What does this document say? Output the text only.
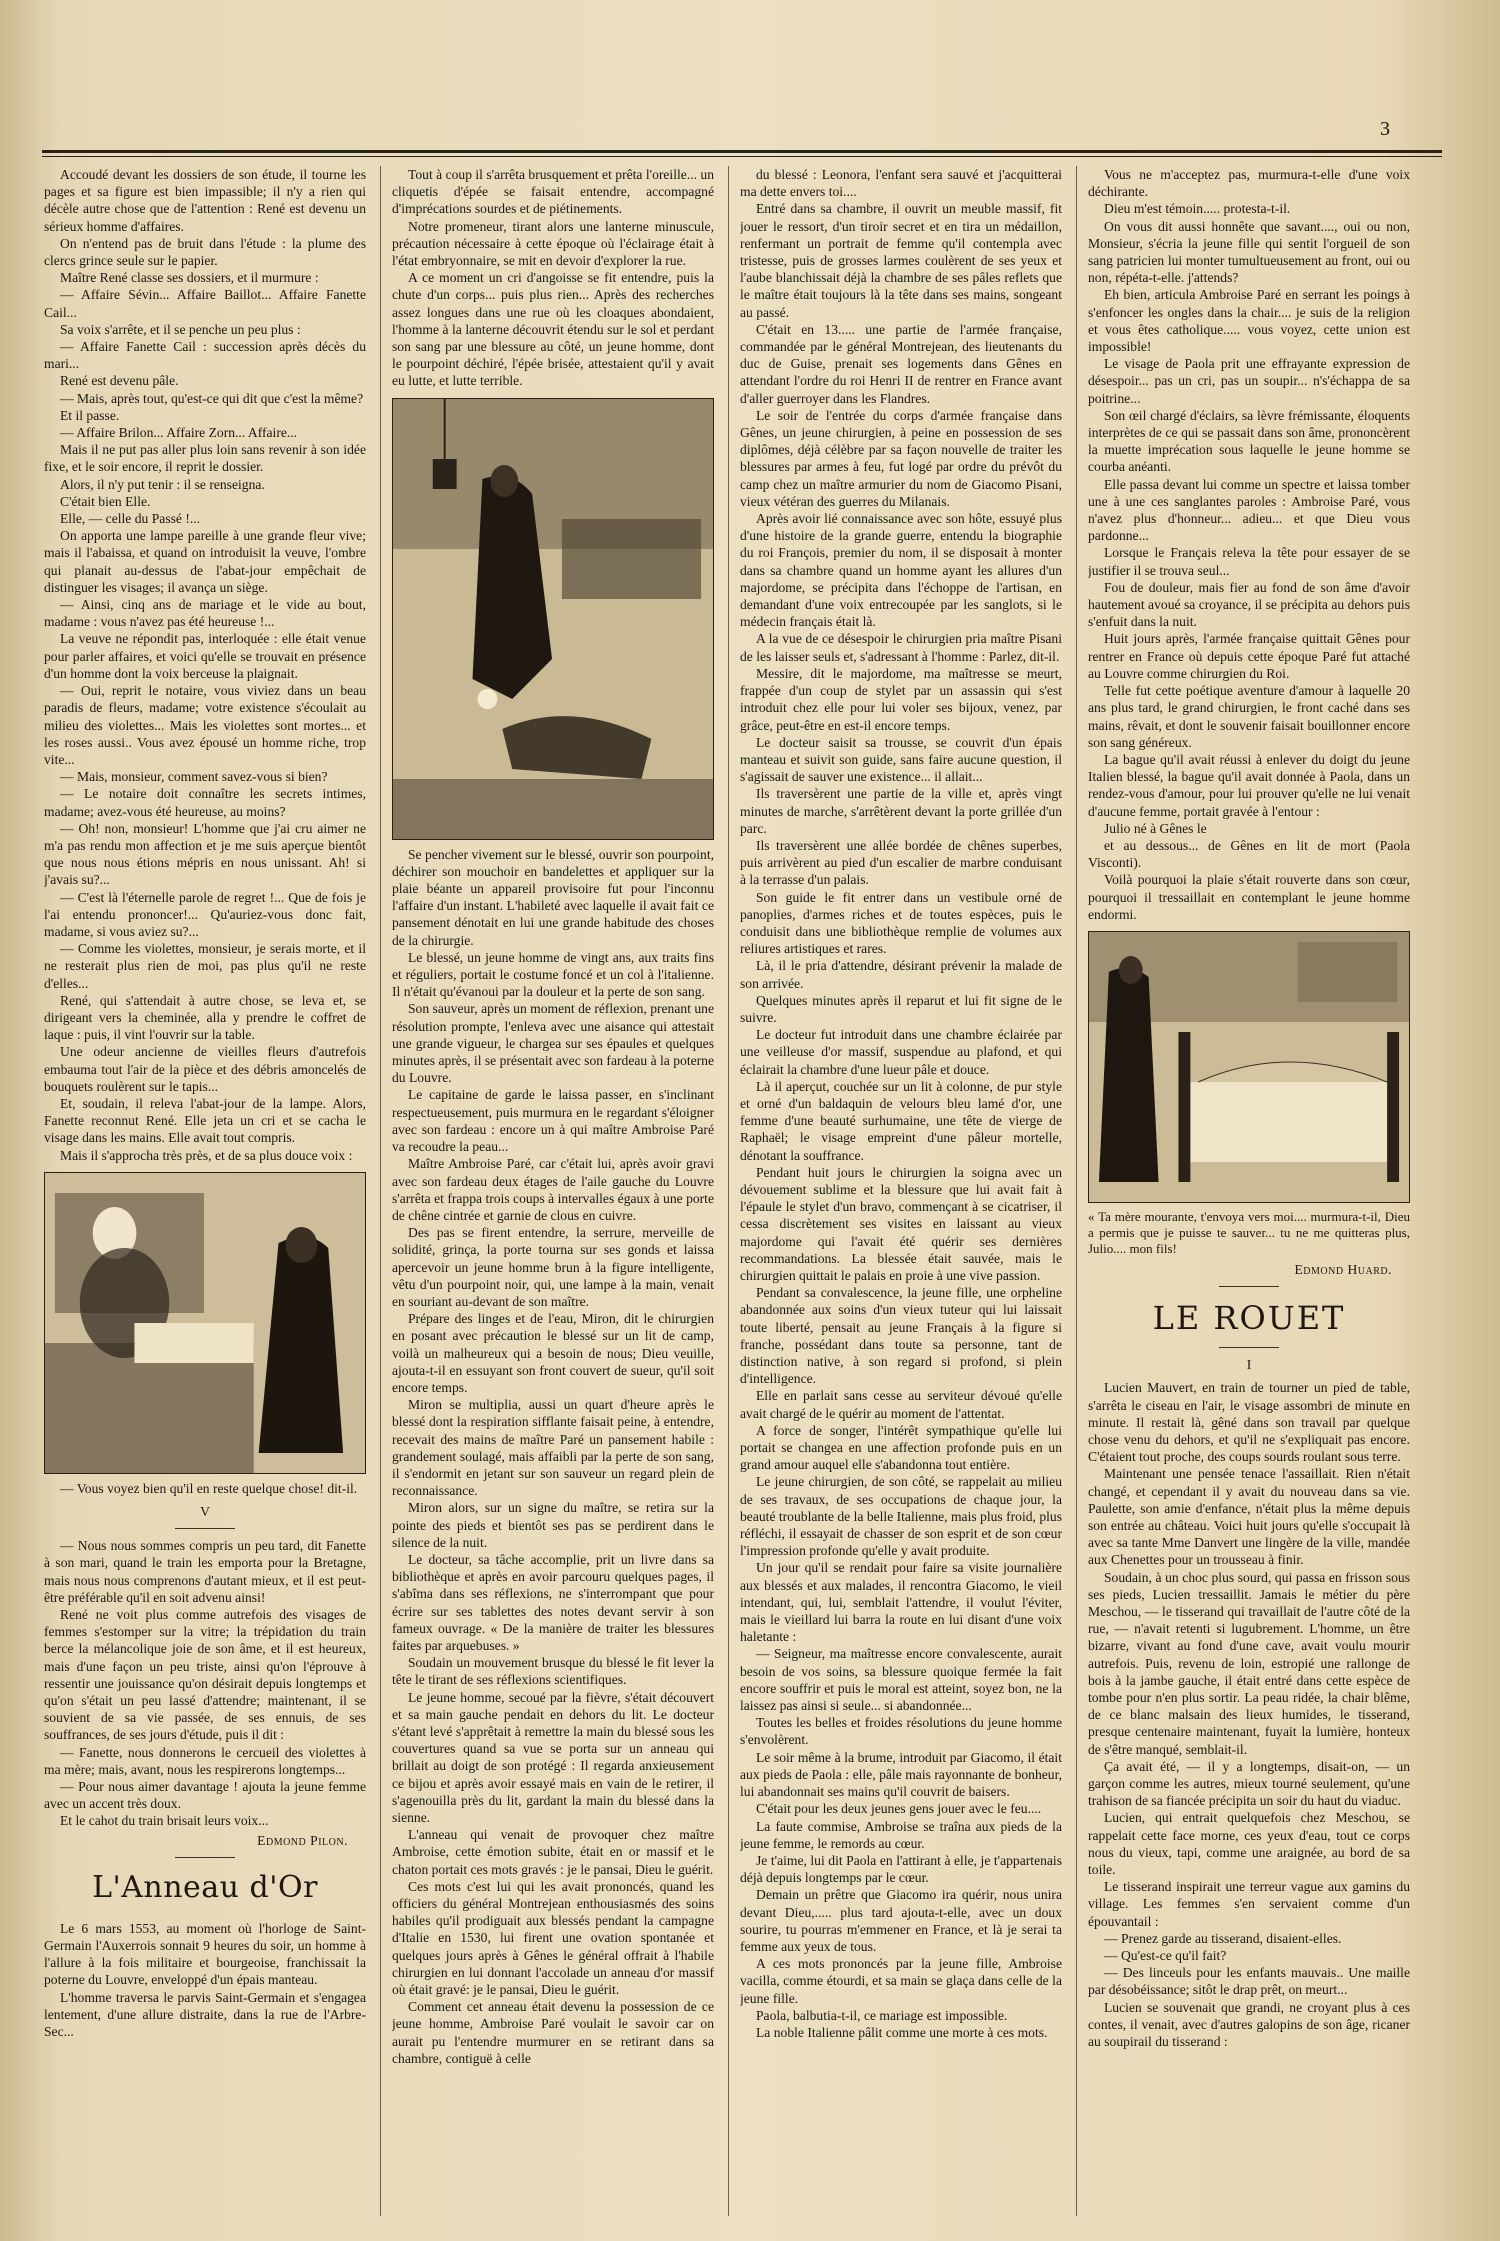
3

Accoudé devant les dossiers de son étude, il tourne les pages et sa figure est bien impassible; il n'y a rien qui décèle autre chose que de l'attention : René est devenu un sérieux homme d'affaires.

On n'entend pas de bruit dans l'étude : la plume des clercs grince seule sur le papier.

Maître René classe ses dossiers, et il murmure :

— Affaire Sévin... Affaire Baillot... Affaire Fanette Cail...

Sa voix s'arrête, et il se penche un peu plus :

— Affaire Fanette Cail : succession après décès du mari...

René est devenu pâle.

— Mais, après tout, qu'est-ce qui dit que c'est la même?

Et il passe.

— Affaire Brilon... Affaire Zorn... Affaire...

Mais il ne put pas aller plus loin sans revenir à son idée fixe, et le soir encore, il reprit le dossier.

Alors, il n'y put tenir : il se renseigna.

C'était bien Elle.

Elle, — celle du Passé !...

On apporta une lampe pareille à une grande fleur vive; mais il l'abaissa, et quand on introduisit la veuve, l'ombre qui planait au-dessus de l'abat-jour empêchait de distinguer les visages; il avança un siège.

— Ainsi, cinq ans de mariage et le vide au bout, madame : vous n'avez pas été heureuse !...

La veuve ne répondit pas, interloquée : elle était venue pour parler affaires, et voici qu'elle se trouvait en présence d'un homme dont la voix berceuse la plaignait.

— Oui, reprit le notaire, vous viviez dans un beau paradis de fleurs, madame; votre existence s'écoulait au milieu des violettes... Mais les violettes sont mortes... et les roses aussi.. Vous avez épousé un homme riche, trop vite...

— Mais, monsieur, comment savez-vous si bien?

— Le notaire doit connaître les secrets intimes, madame; avez-vous été heureuse, au moins?

— Oh! non, monsieur! L'homme que j'ai cru aimer ne m'a pas rendu mon affection et je me suis aperçue bientôt que nous nous étions mépris en nous unissant. Ah! si j'avais su?...

— C'est là l'éternelle parole de regret !... Que de fois je l'ai entendu prononcer!... Qu'auriez-vous donc fait, madame, si vous aviez su?...

— Comme les violettes, monsieur, je serais morte, et il ne resterait plus rien de moi, pas plus qu'il ne reste d'elles...

René, qui s'attendait à autre chose, se leva et, se dirigeant vers la cheminée, alla y prendre le coffret de laque : puis, il vint l'ouvrir sur la table.

Une odeur ancienne de vieilles fleurs d'autrefois embauma tout l'air de la pièce et des débris amoncelés de bouquets roulèrent sur le tapis...

Et, soudain, il releva l'abat-jour de la lampe. Alors, Fanette reconnut René. Elle jeta un cri et se cacha le visage dans les mains. Elle avait tout compris.

Mais il s'approcha très près, et de sa plus douce voix :

— Vous voyez bien qu'il en reste quelque chose! dit-il.

V

— Nous nous sommes compris un peu tard, dit Fanette à son mari, quand le train les emporta pour la Bretagne, mais nous nous comprenons d'autant mieux, et il est peut-être préférable qu'il en soit advenu ainsi!

René ne voit plus comme autrefois des visages de femmes s'estomper sur la vitre; la trépidation du train berce la mélancolique joie de son âme, et il est heureux, mais d'une façon un peu triste, ainsi qu'on l'éprouve à ressentir une jouissance qu'on désirait depuis longtemps et qu'on s'était un peu lassé d'attendre; maintenant, il se souvient de sa vie passée, de ses ennuis, de ses souffrances, de ses jours d'étude, puis il dit :

— Fanette, nous donnerons le cercueil des violettes à ma mère; mais, avant, nous les respirerons longtemps...

— Pour nous aimer davantage ! ajouta la jeune femme avec un accent très doux.

Et le cahot du train brisait leurs voix...

Edmond Pilon.
L'Anneau d'Or

Le 6 mars 1553, au moment où l'horloge de Saint-Germain l'Auxerrois sonnait 9 heures du soir, un homme à l'allure à la fois militaire et bourgeoise, franchissait la poterne du Louvre, enveloppé d'un épais manteau.

L'homme traversa le parvis Saint-Germain et s'engagea lentement, d'une allure distraite, dans la rue de l'Arbre-Sec...

Tout à coup il s'arrêta brusquement et prêta l'oreille... un cliquetis d'épée se faisait entendre, accompagné d'imprécations sourdes et de piétinements.

Notre promeneur, tirant alors une lanterne minuscule, précaution nécessaire à cette époque où l'éclairage était à l'état embryonnaire, se mit en devoir d'explorer la rue.

A ce moment un cri d'angoisse se fit entendre, puis la chute d'un corps... puis plus rien... Après des recherches assez longues dans une rue où les cloaques abondaient, l'homme à la lanterne découvrit étendu sur le sol et perdant son sang par une blessure au côté, un jeune homme, dont le pourpoint déchiré, l'épée brisée, attestaient qu'il y avait eu lutte, et lutte terrible.

Se pencher vivement sur le blessé, ouvrir son pourpoint, déchirer son mouchoir en bandelettes et appliquer sur la plaie béante un appareil provisoire fut pour l'inconnu l'affaire d'un instant. L'habileté avec laquelle il avait fait ce pansement dénotait en lui une grande habitude des choses de la chirurgie.

Le blessé, un jeune homme de vingt ans, aux traits fins et réguliers, portait le costume foncé et un col à l'italienne. Il n'était qu'évanoui par la douleur et la perte de son sang.

Son sauveur, après un moment de réflexion, prenant une résolution prompte, l'enleva avec une aisance qui attestait une grande vigueur, le chargea sur ses épaules et quelques minutes après, il se présentait avec son fardeau à la poterne du Louvre.

Le capitaine de garde le laissa passer, en s'inclinant respectueusement, puis murmura en le regardant s'éloigner avec son fardeau : encore un à qui maître Ambroise Paré va recoudre la peau...

Maître Ambroise Paré, car c'était lui, après avoir gravi avec son fardeau deux étages de l'aile gauche du Louvre s'arrêta et frappa trois coups à intervalles égaux à une porte de chêne cintrée et garnie de clous en cuivre.

Des pas se firent entendre, la serrure, merveille de solidité, grinça, la porte tourna sur ses gonds et laissa apercevoir un jeune homme brun à la figure intelligente, vêtu d'un pourpoint noir, qui, une lampe à la main, venait en souriant au-devant de son maître.

Prépare des linges et de l'eau, Miron, dit le chirurgien en posant avec précaution le blessé sur un lit de camp, voilà un malheureux qui a besoin de nous; Dieu veuille, ajouta-t-il en essuyant son front couvert de sueur, qu'il soit encore temps.

Miron se multiplia, aussi un quart d'heure après le blessé dont la respiration sifflante faisait peine, à entendre, recevait des mains de maître Paré un pansement habile : grandement soulagé, mais affaibli par la perte de son sang, il s'endormit en jetant sur son sauveur un regard plein de reconnaissance.

Miron alors, sur un signe du maître, se retira sur la pointe des pieds et bientôt ses pas se perdirent dans le silence de la nuit.

Le docteur, sa tâche accomplie, prit un livre dans sa bibliothèque et après en avoir parcouru quelques pages, il s'abîma dans ses réflexions, ne s'interrompant que pour écrire sur ses tablettes des notes devant servir à son fameux ouvrage. « De la manière de traiter les blessures faites par arquebuses. »

Soudain un mouvement brusque du blessé le fit lever la tête le tirant de ses réflexions scientifiques.

Le jeune homme, secoué par la fièvre, s'était découvert et sa main gauche pendait en dehors du lit. Le docteur s'étant levé s'apprêtait à remettre la main du blessé sous les couvertures quand sa vue se porta sur un anneau qui brillait au doigt de son protégé : Il regarda anxieusement ce bijou et après avoir essayé mais en vain de le retirer, il s'agenouilla près du lit, gardant la main du blessé dans la sienne.

L'anneau qui venait de provoquer chez maître Ambroise, cette émotion subite, était en or massif et le chaton portait ces mots gravés : je le pansai, Dieu le guérit.

Ces mots c'est lui qui les avait prononcés, quand les officiers du général Montrejean enthousiasmés des soins habiles qu'il prodiguait aux blessés pendant la campagne d'Italie en 1530, lui firent une ovation spontanée et quelques jours après à Gênes le général offrait à l'habile chirurgien en lui donnant l'accolade un anneau d'or massif où était gravé: je le pansai, Dieu le guérit.

Comment cet anneau était devenu la possession de ce jeune homme, Ambroise Paré voulait le savoir car on aurait pu l'entendre murmurer en se retirant dans sa chambre, contiguë à celle

du blessé : Leonora, l'enfant sera sauvé et j'acquitterai ma dette envers toi....

Entré dans sa chambre, il ouvrit un meuble massif, fit jouer le ressort, d'un tiroir secret et en tira un médaillon, renfermant un portrait de femme qu'il contempla avec tristesse, puis de grosses larmes coulèrent de ses yeux et l'aube blanchissait déjà la chambre de ses pâles reflets que le maître était toujours là la tête dans ses mains, songeant au passé.

C'était en 13..... une partie de l'armée française, commandée par le général Montrejean, des lieutenants du duc de Guise, prenait ses logements dans Gênes en attendant l'ordre du roi Henri II de rentrer en France avant d'aller guerroyer dans les Flandres.

Le soir de l'entrée du corps d'armée française dans Gênes, un jeune chirurgien, à peine en possession de ses diplômes, déjà célèbre par sa façon nouvelle de traiter les blessures par armes à feu, fut logé par ordre du prévôt du camp chez un maître armurier du nom de Giacomo Pisani, vieux vétéran des guerres du Milanais.

Après avoir lié connaissance avec son hôte, essuyé plus d'une histoire de la grande guerre, entendu la biographie du roi François, premier du nom, il se disposait à monter dans sa chambre quand un homme ayant les allures d'un majordome, se précipita dans l'échoppe de l'artisan, en demandant d'une voix entrecoupée par les sanglots, si le médecin français était là.

A la vue de ce désespoir le chirurgien pria maître Pisani de les laisser seuls et, s'adressant à l'homme : Parlez, dit-il.

Messire, dit le majordome, ma maîtresse se meurt, frappée d'un coup de stylet par un assassin qui s'est introduit chez elle pour lui voler ses bijoux, venez, par grâce, peut-être en est-il encore temps.

Le docteur saisit sa trousse, se couvrit d'un épais manteau et suivit son guide, sans faire aucune question, il s'agissait de sauver une existence... il allait...

Ils traversèrent une partie de la ville et, après vingt minutes de marche, s'arrêtèrent devant la porte grillée d'un parc.

Ils traversèrent une allée bordée de chênes superbes, puis arrivèrent au pied d'un escalier de marbre conduisant à la terrasse d'un palais.

Son guide le fit entrer dans un vestibule orné de panoplies, d'armes riches et de toutes espèces, puis le conduisit dans une bibliothèque remplie de volumes aux reliures artistiques et rares.

Là, il le pria d'attendre, désirant prévenir la malade de son arrivée.

Quelques minutes après il reparut et lui fit signe de le suivre.

Le docteur fut introduit dans une chambre éclairée par une veilleuse d'or massif, suspendue au plafond, et qui éclairait la chambre d'une lueur pâle et douce.

Là il aperçut, couchée sur un lit à colonne, de pur style et orné d'un baldaquin de velours bleu lamé d'or, une femme d'une beauté surhumaine, une tête de vierge de Raphaël; le visage empreint d'une pâleur mortelle, dénotant la souffrance.

Pendant huit jours le chirurgien la soigna avec un dévouement sublime et la blessure que lui avait fait à l'épaule le stylet d'un bravo, commençant à se cicatriser, il cessa discrètement ses visites en laissant au vieux majordome qui l'avait été quérir ses dernières recommandations. La blessée était sauvée, mais le chirurgien quittait le palais en proie à une vive passion.

Pendant sa convalescence, la jeune fille, une orpheline abandonnée aux soins d'un vieux tuteur qui lui laissait toute liberté, pensait au jeune Français à la figure si franche, possédant dans toute sa personne, tant de distinction native, à son regard si profond, si plein d'intelligence.

Elle en parlait sans cesse au serviteur dévoué qu'elle avait chargé de le quérir au moment de l'attentat.

A force de songer, l'intérêt sympathique qu'elle lui portait se changea en une affection profonde puis en un grand amour auquel elle s'abandonna tout entière.

Le jeune chirurgien, de son côté, se rappelait au milieu de ses travaux, de ses occupations de chaque jour, la beauté troublante de la belle Italienne, mais plus froid, plus réfléchi, il essayait de chasser de son esprit et de son cœur l'impression profonde qu'elle y avait produite.

Un jour qu'il se rendait pour faire sa visite journalière aux blessés et aux malades, il rencontra Giacomo, le vieil intendant, qui, lui, semblait l'attendre, il voulut l'éviter, mais le vieillard lui barra la route en lui disant d'une voix haletante :

— Seigneur, ma maîtresse encore convalescente, aurait besoin de vos soins, sa blessure quoique fermée la fait encore souffrir et puis le moral est atteint, soyez bon, ne la laissez pas ainsi si seule... si abandonnée...

Toutes les belles et froides résolutions du jeune homme s'envolèrent.

Le soir même à la brume, introduit par Giacomo, il était aux pieds de Paola : elle, pâle mais rayonnante de bonheur, lui abandonnait ses mains qu'il couvrit de baisers.

C'était pour les deux jeunes gens jouer avec le feu....

La faute commise, Ambroise se traîna aux pieds de la jeune femme, le remords au cœur.

Je t'aime, lui dit Paola en l'attirant à elle, je t'appartenais déjà depuis longtemps par le cœur.

Demain un prêtre que Giacomo ira quérir, nous unira devant Dieu,..... plus tard ajouta-t-elle, avec un doux sourire, tu pourras m'emmener en France, et là je serai ta femme aux yeux de tous.

A ces mots prononcés par la jeune fille, Ambroise vacilla, comme étourdi, et sa main se glaça dans celle de la jeune fille.

Paola, balbutia-t-il, ce mariage est impossible.

La noble Italienne pâlit comme une morte à ces mots.

Vous ne m'acceptez pas, murmura-t-elle d'une voix déchirante.

Dieu m'est témoin..... protesta-t-il.

On vous dit aussi honnête que savant...., oui ou non, Monsieur, s'écria la jeune fille qui sentit l'orgueil de son sang patricien lui monter tumultueusement au front, oui ou non, répéta-t-elle. j'attends?

Eh bien, articula Ambroise Paré en serrant les poings à s'enfoncer les ongles dans la chair.... je suis de la religion et vous êtes catholique..... vous voyez, cette union est impossible!

Le visage de Paola prit une effrayante expression de désespoir... pas un cri, pas un soupir... n's'échappa de sa poitrine...

Son œil chargé d'éclairs, sa lèvre frémissante, éloquents interprètes de ce qui se passait dans son âme, prononcèrent la muette imprécation sous laquelle le jeune homme se courba anéanti.

Elle passa devant lui comme un spectre et laissa tomber une à une ces sanglantes paroles : Ambroise Paré, vous n'avez plus d'honneur... adieu... et que Dieu vous pardonne...

Lorsque le Français releva la tête pour essayer de se justifier il se trouva seul...

Fou de douleur, mais fier au fond de son âme d'avoir hautement avoué sa croyance, il se précipita au dehors puis s'enfuit dans la nuit.

Huit jours après, l'armée française quittait Gênes pour rentrer en France où depuis cette époque Paré fut attaché au Louvre comme chirurgien du Roi.

Telle fut cette poétique aventure d'amour à laquelle 20 ans plus tard, le grand chirurgien, le front caché dans ses mains, rêvait, et dont le souvenir faisait bouillonner encore son sang généreux.

La bague qu'il avait réussi à enlever du doigt du jeune Italien blessé, la bague qu'il avait donnée à Paola, dans un rendez-vous d'amour, pour lui prouver qu'elle ne lui venait d'aucune femme, portait gravée à l'entour :

Julio né à Gênes le

et au dessous... de Gênes en lit de mort (Paola Visconti).

Voilà pourquoi la plaie s'était rouverte dans son cœur, pourquoi il tressaillait en contemplant le jeune homme endormi.

« Ta mère mourante, t'envoya vers moi.... murmura-t-il, Dieu a permis que je puisse te sauver... tu ne me quitteras plus, Julio.... mon fils!
Edmond Huard.
LE ROUET
I

Lucien Mauvert, en train de tourner un pied de table, s'arrêta le ciseau en l'air, le visage assombri de minute en minute. Il restait là, gêné dans son travail par quelque chose venu du dehors, et qu'il ne s'expliquait pas encore. C'étaient tout proche, des coups sourds roulant sous terre.

Maintenant une pensée tenace l'assaillait. Rien n'était changé, et cependant il y avait du nouveau dans sa vie. Paulette, son amie d'enfance, n'était plus la même depuis son entrée au château. Voici huit jours qu'elle s'occupait là avec sa tante Mme Danvert une lingère de la ville, mandée aux Chenettes pour un trousseau à finir.

Soudain, à un choc plus sourd, qui passa en frisson sous ses pieds, Lucien tressaillit. Jamais le métier du père Meschou, — le tisserand qui travaillait de l'autre côté de la rue, — n'avait retenti si lugubrement. L'homme, un être bizarre, vivant au fond d'une cave, avait voulu mourir autrefois. Puis, revenu de loin, estropié une rallonge de bois à la jambe gauche, il était entré dans cette espèce de tombe pour n'en plus sortir. La peau ridée, la chair blême, de ce blanc malsain des lieux humides, le tisserand, presque centenaire maintenant, fuyait la lumière, honteux de s'être manqué, semblait-il.

Ça avait été, — il y a longtemps, disait-on, — un garçon comme les autres, mieux tourné seulement, qu'une trahison de sa fiancée précipita un soir du haut du viaduc.

Lucien, qui entrait quelquefois chez Meschou, se rappelait cette face morne, ces yeux d'eau, tout ce corps nous du vieux, tapi, comme une araignée, au bord de sa toile.

Le tisserand inspirait une terreur vague aux gamins du village. Les femmes s'en servaient comme d'un épouvantail :

— Prenez garde au tisserand, disaient-elles.

— Qu'est-ce qu'il fait?

— Des linceuls pour les enfants mauvais.. Une maille par désobéissance; sitôt le drap prêt, on meurt...

Lucien se souvenait que grandi, ne croyant plus à ces contes, il venait, avec d'autres galopins de son âge, ricaner au soupirail du tisserand :
